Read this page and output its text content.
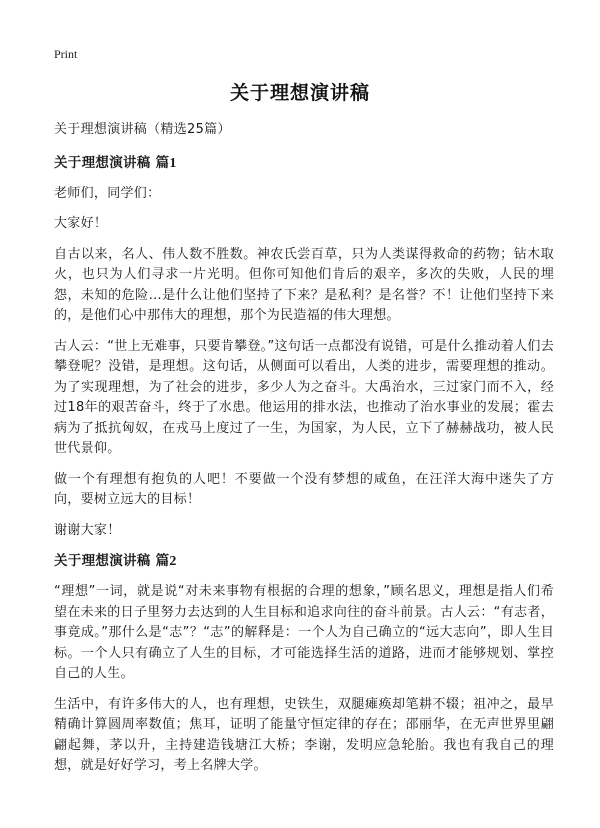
Print
关于理想演讲稿

关于理想演讲稿（精选25篇）

关于理想演讲稿 篇1

老师们，同学们：

大家好！

自古以来，名人、伟人数不胜数。神农氏尝百草，只为人类谋得救命的药物；钻木取火，也只为人们寻求一片光明。但你可知他们肯后的艰辛，多次的失败，人民的埋怨，未知的危险…是什么让他们坚持了下来？是私利？是名誉？不！让他们坚持下来的，是他们心中那伟大的理想，那个为民造福的伟大理想。

古人云：“世上无难事，只要肯攀登。”这句话一点都没有说错，可是什么推动着人们去攀登呢？没错，是理想。这句话，从侧面可以看出，人类的进步，需要理想的推动。为了实现理想，为了社会的进步，多少人为之奋斗。大禹治水，三过家门而不入，经过18年的艰苦奋斗，终于了水患。他运用的排水法，也推动了治水事业的发展；霍去病为了抵抗匈奴，在戎马上度过了一生，为国家，为人民，立下了赫赫战功，被人民世代景仰。

做一个有理想有抱负的人吧！不要做一个没有梦想的咸鱼，在汪洋大海中迷失了方向，要树立远大的目标！

谢谢大家！

关于理想演讲稿 篇2

“理想”一词，就是说“对未来事物有根据的合理的想象，”顾名思义，理想是指人们希望在未来的日子里努力去达到的人生目标和追求向往的奋斗前景。古人云：“有志者，事竟成。”那什么是“志”？“志”的解释是：一个人为自己确立的“远大志向”，即人生目标。一个人只有确立了人生的目标，才可能选择生活的道路，进而才能够规划、掌控自己的人生。

生活中，有许多伟大的人，也有理想，史铁生，双腿瘫痪却笔耕不辍；祖冲之，最早精确计算圆周率数值；焦耳，证明了能量守恒定律的存在；邵丽华，在无声世界里翩翩起舞，茅以升，主持建造钱塘江大桥；李谢，发明应急轮胎。我也有我自己的理想，就是好好学习，考上名牌大学。
